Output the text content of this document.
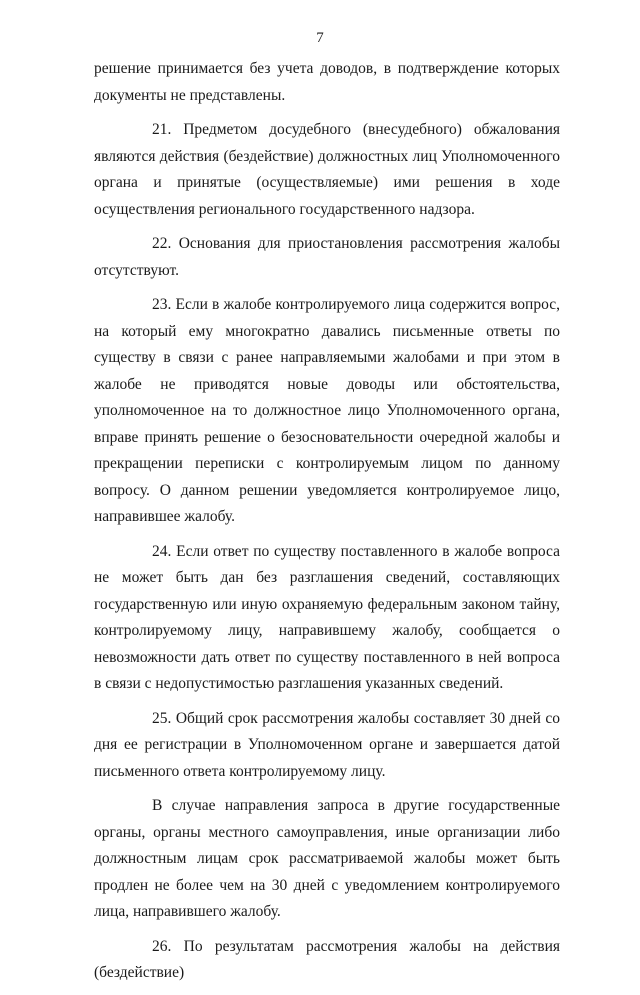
7

решение принимается без учета доводов, в подтверждение которых документы не представлены.

21. Предметом досудебного (внесудебного) обжалования являются действия (бездействие) должностных лиц Уполномоченного органа и принятые (осуществляемые) ими решения в ходе осуществления регионального государственного надзора.

22. Основания для приостановления рассмотрения жалобы отсутствуют.

23. Если в жалобе контролируемого лица содержится вопрос, на который ему многократно давались письменные ответы по существу в связи с ранее направляемыми жалобами и при этом в жалобе не приводятся новые доводы или обстоятельства, уполномоченное на то должностное лицо Уполномоченного органа, вправе принять решение о безосновательности очередной жалобы и прекращении переписки с контролируемым лицом по данному вопросу. О данном решении уведомляется контролируемое лицо, направившее жалобу.

24. Если ответ по существу поставленного в жалобе вопроса не может быть дан без разглашения сведений, составляющих государственную или иную охраняемую федеральным законом тайну, контролируемому лицу, направившему жалобу, сообщается о невозможности дать ответ по существу поставленного в ней вопроса в связи с недопустимостью разглашения указанных сведений.

25. Общий срок рассмотрения жалобы составляет 30 дней со дня ее регистрации в Уполномоченном органе и завершается датой письменного ответа контролируемому лицу.

В случае направления запроса в другие государственные органы, органы местного самоуправления, иные организации либо должностным лицам срок рассматриваемой жалобы может быть продлен не более чем на 30 дней с уведомлением контролируемого лица, направившего жалобу.

26. По результатам рассмотрения жалобы на действия (бездействие)
